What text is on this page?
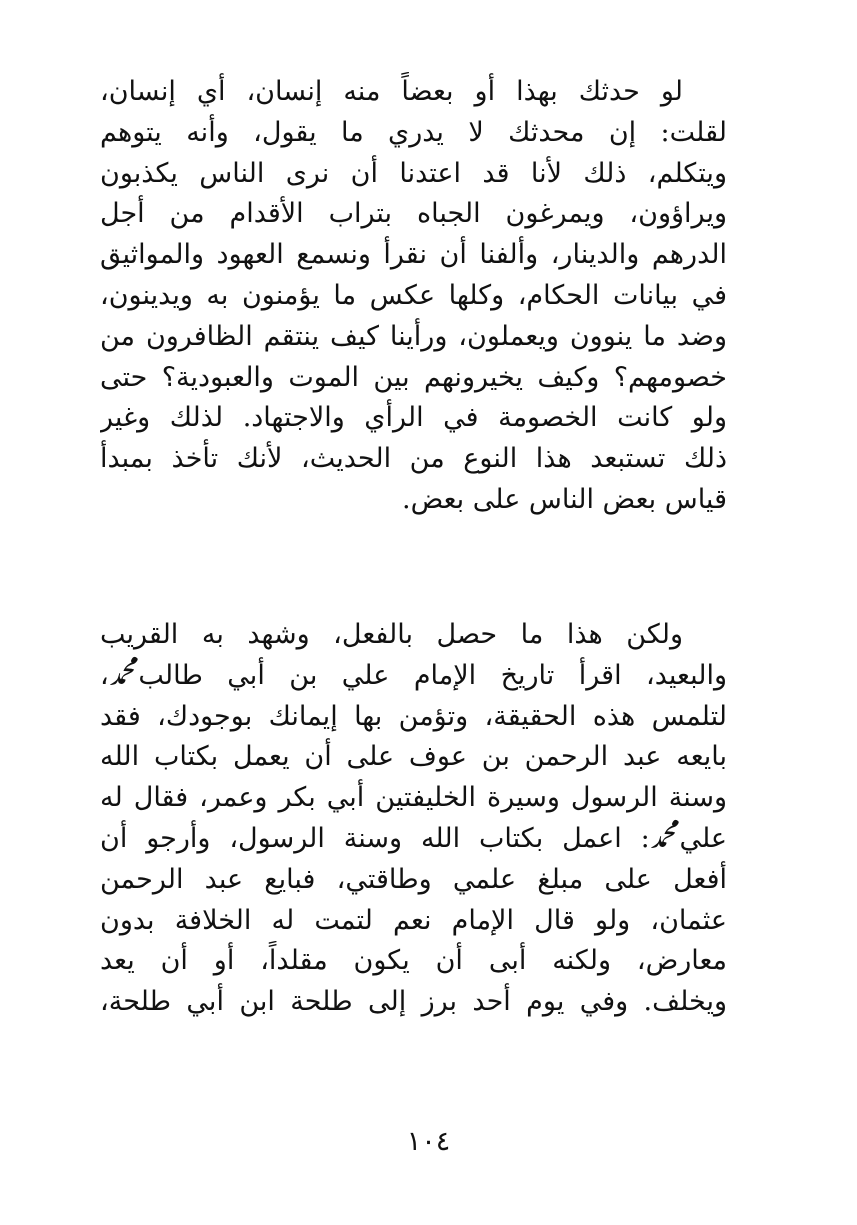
لو حدثك بهذا أو بعضاً منه إنسان، أي إنسان،
لقلت: إن محدثك لا يدري ما يقول، وأنه يتوهم
ويتكلم، ذلك لأنا قد اعتدنا أن نرى الناس يكذبون
ويراؤون، ويمرغون الجباه بتراب الأقدام من أجل
الدرهم والدينار، وألفنا أن نقرأ ونسمع العهود والمواثيق
في بيانات الحكام، وكلها عكس ما يؤمنون به ويدينون،
وضد ما ينوون ويعملون، ورأينا كيف ينتقم الظافرون من
خصومهم؟ وكيف يخيرونهم بين الموت والعبودية؟ حتى
ولو كانت الخصومة في الرأي والاجتهاد. لذلك وغير
ذلك تستبعد هذا النوع من الحديث، لأنك تأخذ بمبدأ
قياس بعض الناس على بعض.
ولكن هذا ما حصل بالفعل، وشهد به القريب
والبعيد، اقرأ تاريخ الإمام علي بن أبي طالبﷴ،
لتلمس هذه الحقيقة، وتؤمن بها إيمانك بوجودك، فقد
بايعه عبد الرحمن بن عوف على أن يعمل بكتاب الله
وسنة الرسول وسيرة الخليفتين أبي بكر وعمر، فقال له
عليﷴ: اعمل بكتاب الله وسنة الرسول، وأرجو أن
أفعل على مبلغ علمي وطاقتي، فبايع عبد الرحمن
عثمان، ولو قال الإمام نعم لتمت له الخلافة بدون
معارض، ولكنه أبى أن يكون مقلداً، أو أن يعد
ويخلف. وفي يوم أُحد برز إلى طلحة ابن أبي طلحة،
١٠٤
